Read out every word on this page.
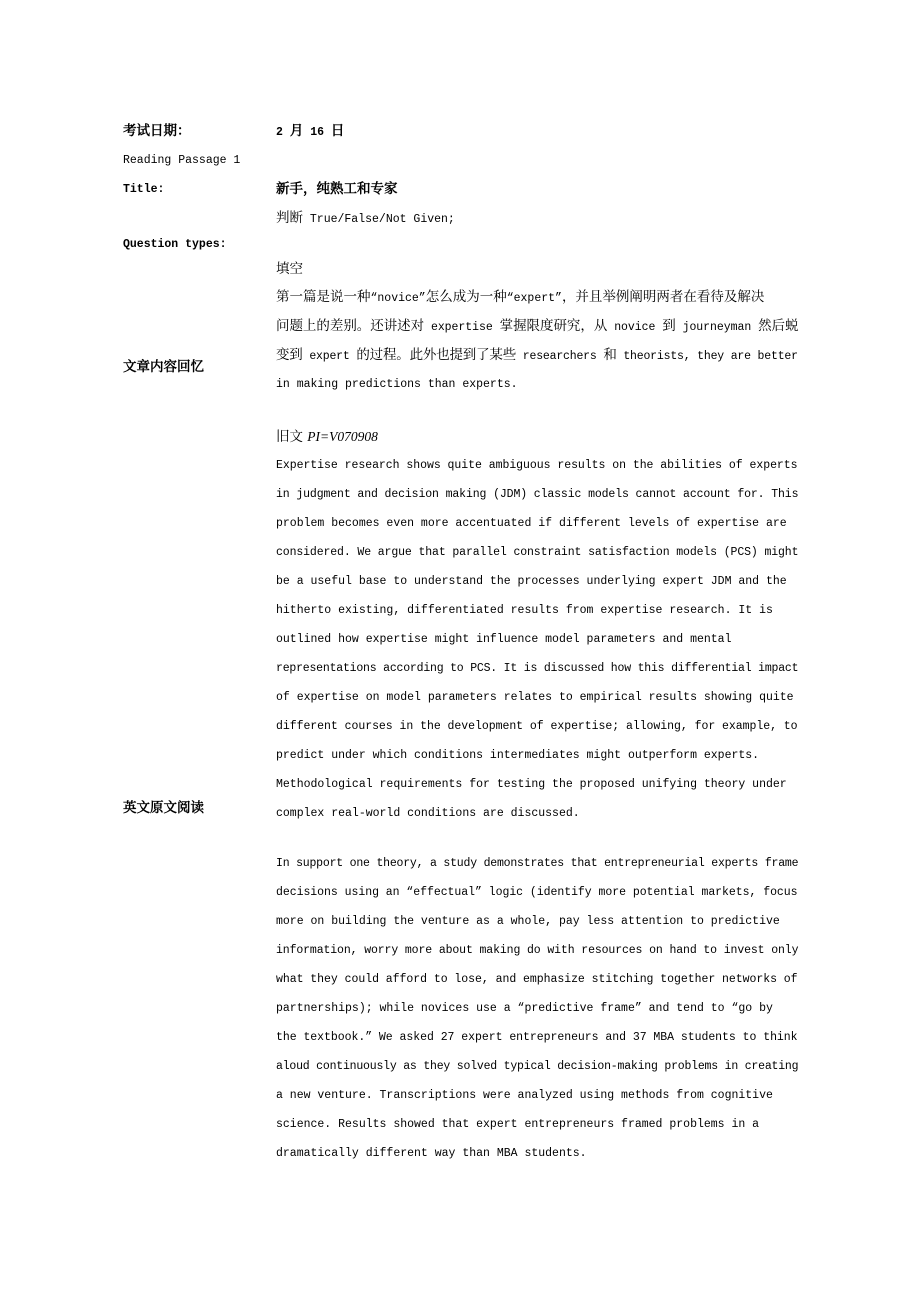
考试日期：	2 月 16 日
Reading Passage 1
Title:	新手，纯熟工和专家
判断 True/False/Not Given;
Question types:
填空
第一篇是说一种“novice”怎么成为一种“expert”，并且举例阐明两者在看待及解决
问题上的差别。还讲述对 expertise 掌握限度研究，从 novice 到 journeyman 然后蜕
变到 expert 的过程。此外也提到了某些 researchers 和 theorists, they are better
in making predictions than experts.
文章内容回忆
旧文 PI=V070908
Expertise research shows quite ambiguous results on the abilities of experts
in judgment and decision making (JDM) classic models cannot account for. This
problem becomes even more accentuated if different levels of expertise are
considered. We argue that parallel constraint satisfaction models (PCS) might
be a useful base to understand the processes underlying expert JDM and the
hitherto existing, differentiated results from expertise research. It is
outlined how expertise might influence model parameters and mental
representations according to PCS. It is discussed how this differential impact
of expertise on model parameters relates to empirical results showing quite
different courses in the development of expertise; allowing, for example, to
predict under which conditions intermediates might outperform experts.
Methodological requirements for testing the proposed unifying theory under
complex real-world conditions are discussed.
英文原文阅读
In support one theory, a study demonstrates that entrepreneurial experts frame
decisions using an “effectual” logic (identify more potential markets, focus
more on building the venture as a whole, pay less attention to predictive
information, worry more about making do with resources on hand to invest only
what they could afford to lose, and emphasize stitching together networks of
partnerships); while novices use a “predictive frame” and tend to “go by
the textbook.” We asked 27 expert entrepreneurs and 37 MBA students to think
aloud continuously as they solved typical decision-making problems in creating
a new venture. Transcriptions were analyzed using methods from cognitive
science. Results showed that expert entrepreneurs framed problems in a
dramatically different way than MBA students.
